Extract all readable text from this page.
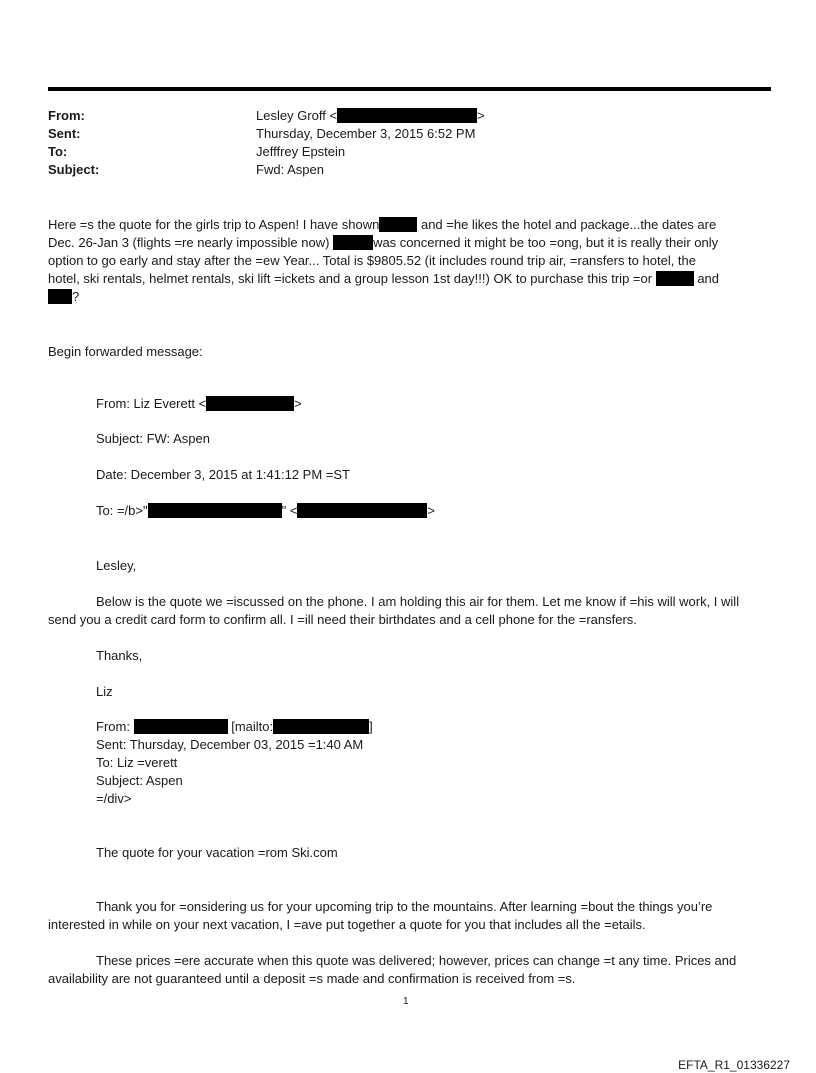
From:	Lesley Groff <	>
Sent:	Thursday, December 3, 2015 6:52 PM
To:	Jefffrey Epstein
Subject:	Fwd: Aspen
Here =s the quote for the girls trip to Aspen! I have shown	and =he likes the hotel and package...the dates are
Dec. 26-Jan 3 (flights =re nearly impossible now)	was concerned it might be too =ong, but it is really their only
option to go early and stay after the =ew Year... Total is $9805.52 (it includes round trip air, =ransfers to hotel, the
hotel, ski rentals, helmet rentals, ski lift =ickets and a group lesson 1st day!!!) OK to purchase this trip =or	and
?
Begin forwarded message:
From: Liz Everett <	>
Subject: FW: Aspen
Date: December 3, 2015 at 1:41:12 PM =ST
To: =/b>"	" <	>
Lesley,
Below is the quote we =iscussed on the phone. I am holding this air for them. Let me know if =his will work, I will
send you a credit card form to confirm all. I =ill need their birthdates and a cell phone for the =ransfers.
Thanks,
Liz
From:	[mailto:	]
Sent: Thursday, December 03, 2015 =1:40 AM
To: Liz =verett
Subject: Aspen
=/div>
The quote for your vacation =rom Ski.com
Thank you for =onsidering us for your upcoming trip to the mountains. After learning =bout the things you’re
interested in while on your next vacation, I =ave put together a quote for you that includes all the =etails.
These prices =ere accurate when this quote was delivered; however, prices can change =t any time. Prices and
availability are not guaranteed until a deposit =s made and confirmation is received from =s.
1
EFTA_R1_01336227
